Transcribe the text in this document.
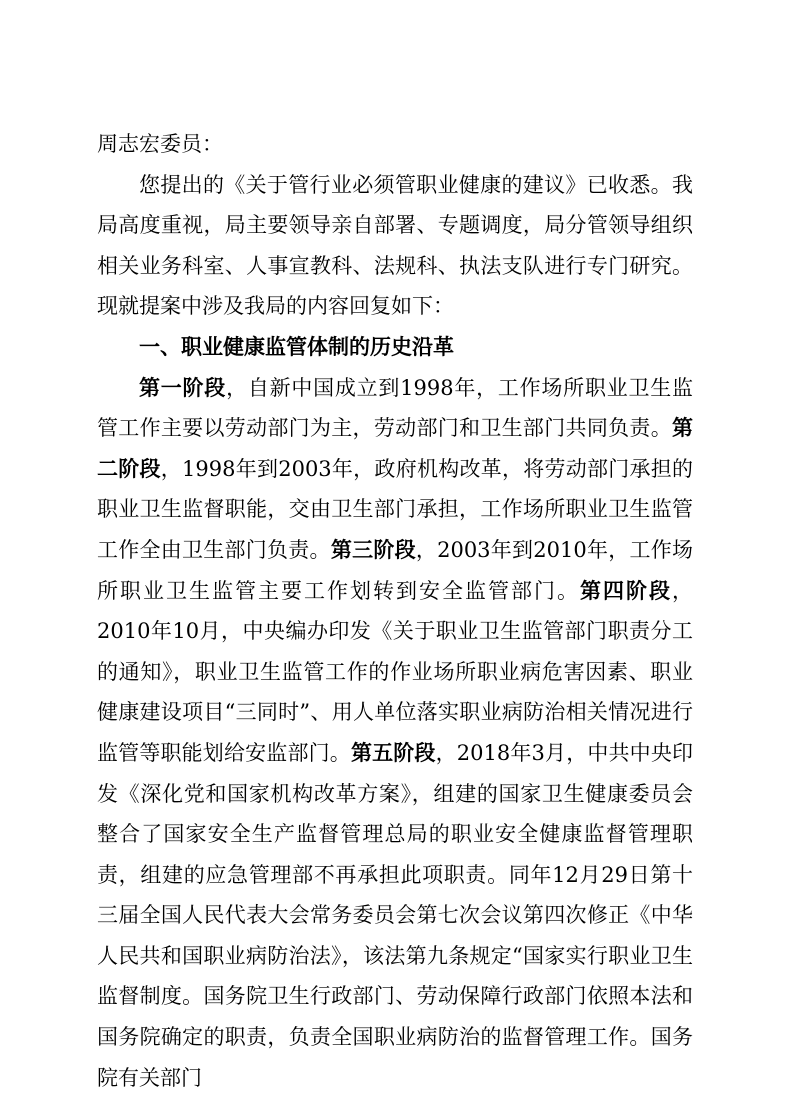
周志宏委员：

您提出的《关于管行业必须管职业健康的建议》已收悉。我局高度重视，局主要领导亲自部署、专题调度，局分管领导组织相关业务科室、人事宣教科、法规科、执法支队进行专门研究。现就提案中涉及我局的内容回复如下：

一、职业健康监管体制的历史沿革

第一阶段，自新中国成立到1998年，工作场所职业卫生监管工作主要以劳动部门为主，劳动部门和卫生部门共同负责。第二阶段，1998年到2003年，政府机构改革，将劳动部门承担的职业卫生监督职能，交由卫生部门承担，工作场所职业卫生监管工作全由卫生部门负责。第三阶段，2003年到2010年，工作场所职业卫生监管主要工作划转到安全监管部门。第四阶段，2010年10月，中央编办印发《关于职业卫生监管部门职责分工的通知》，职业卫生监管工作的作业场所职业病危害因素、职业健康建设项目“三同时”、用人单位落实职业病防治相关情况进行监管等职能划给安监部门。第五阶段，2018年3月，中共中央印发《深化党和国家机构改革方案》，组建的国家卫生健康委员会整合了国家安全生产监督管理总局的职业安全健康监督管理职责，组建的应急管理部不再承担此项职责。同年12月29日第十三届全国人民代表大会常务委员会第七次会议第四次修正《中华人民共和国职业病防治法》，该法第九条规定“国家实行职业卫生监督制度。国务院卫生行政部门、劳动保障行政部门依照本法和国务院确定的职责，负责全国职业病防治的监督管理工作。国务院有关部门
